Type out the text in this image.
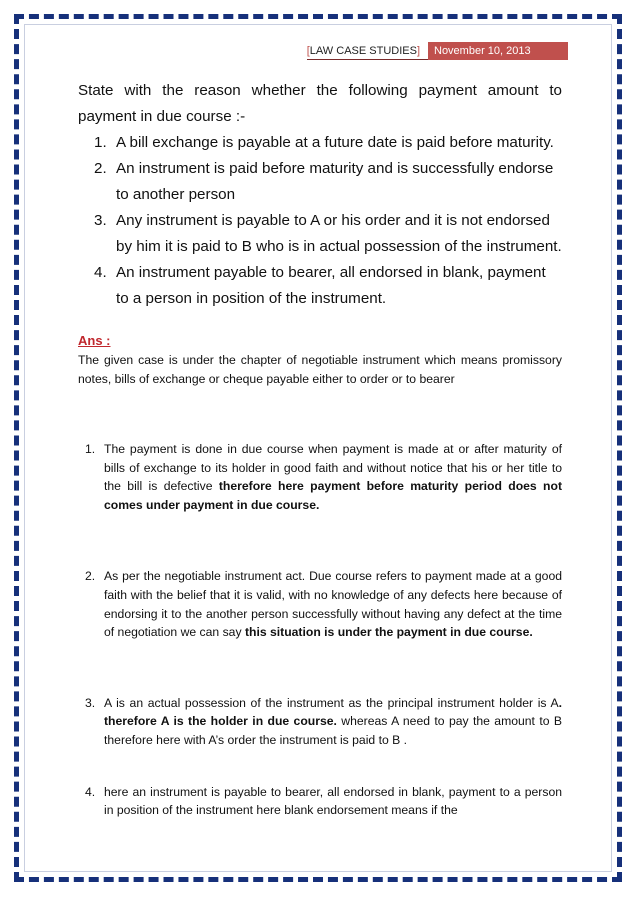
[LAW CASE STUDIES]	November 10, 2013

State with the reason whether the following payment amount to payment in due course :-

1. A bill exchange is payable at a future date is paid before maturity.
2. An instrument is paid before maturity and is successfully endorse to another person
3. Any instrument is payable to A or his order and it is not endorsed by him it is paid to B who is in actual possession of the instrument.
4. An instrument payable to bearer, all endorsed in blank, payment to a person in position of the instrument.
Ans :
The given case is under the chapter of negotiable instrument which means promissory notes, bills of exchange or cheque payable either to order or to bearer
1. The payment is done in due course when payment is made at or after maturity of bills of exchange to its holder in good faith and without notice that his or her title to the bill is defective therefore here payment before maturity period does not comes under payment in due course.
2. As per the negotiable instrument act. Due course refers to payment made at a good faith with the belief that it is valid, with no knowledge of any defects here because of endorsing it to the another person successfully without having any defect at the time of negotiation we can say this situation is under the payment in due course.
3. A is an actual possession of the instrument as the principal instrument holder is A. therefore A is the holder in due course. whereas A need to pay the amount to B therefore here with A’s order the instrument is paid to B .
4. here an instrument is payable to bearer, all endorsed in blank, payment to a person in position of the instrument here blank endorsement means if the
